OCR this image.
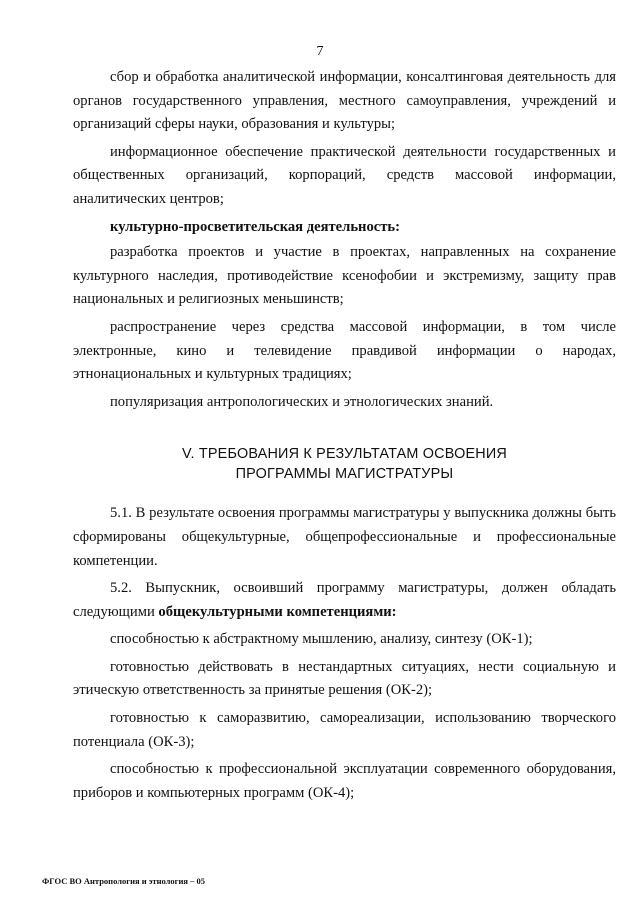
7

сбор и обработка аналитической информации, консалтинговая деятельность для органов государственного управления, местного самоуправления, учреждений и организаций сферы науки, образования и культуры;

информационное обеспечение практической деятельности государственных и общественных организаций, корпораций, средств массовой информации, аналитических центров;

культурно-просветительская деятельность:

разработка проектов и участие в проектах, направленных на сохранение культурного наследия, противодействие ксенофобии и экстремизму, защиту прав национальных и религиозных меньшинств;

распространение через средства массовой информации, в том числе электронные, кино и телевидение правдивой информации о народах, этнонациональных и культурных традициях;

популяризация антропологических и этнологических знаний.

V. ТРЕБОВАНИЯ К РЕЗУЛЬТАТАМ ОСВОЕНИЯ
ПРОГРАММЫ МАГИСТРАТУРЫ

5.1. В результате освоения программы магистратуры у выпускника должны быть сформированы общекультурные, общепрофессиональные и профессиональные компетенции.

5.2. Выпускник, освоивший программу магистратуры, должен обладать следующими общекультурными компетенциями:

способностью к абстрактному мышлению, анализу, синтезу (ОК-1);

готовностью действовать в нестандартных ситуациях, нести социальную и этическую ответственность за принятые решения (ОК-2);

готовностью к саморазвитию, самореализации, использованию творческого потенциала (ОК-3);

способностью к профессиональной эксплуатации современного оборудования, приборов и компьютерных программ (ОК-4);

ФГОС ВО Антропология и этнология – 05
